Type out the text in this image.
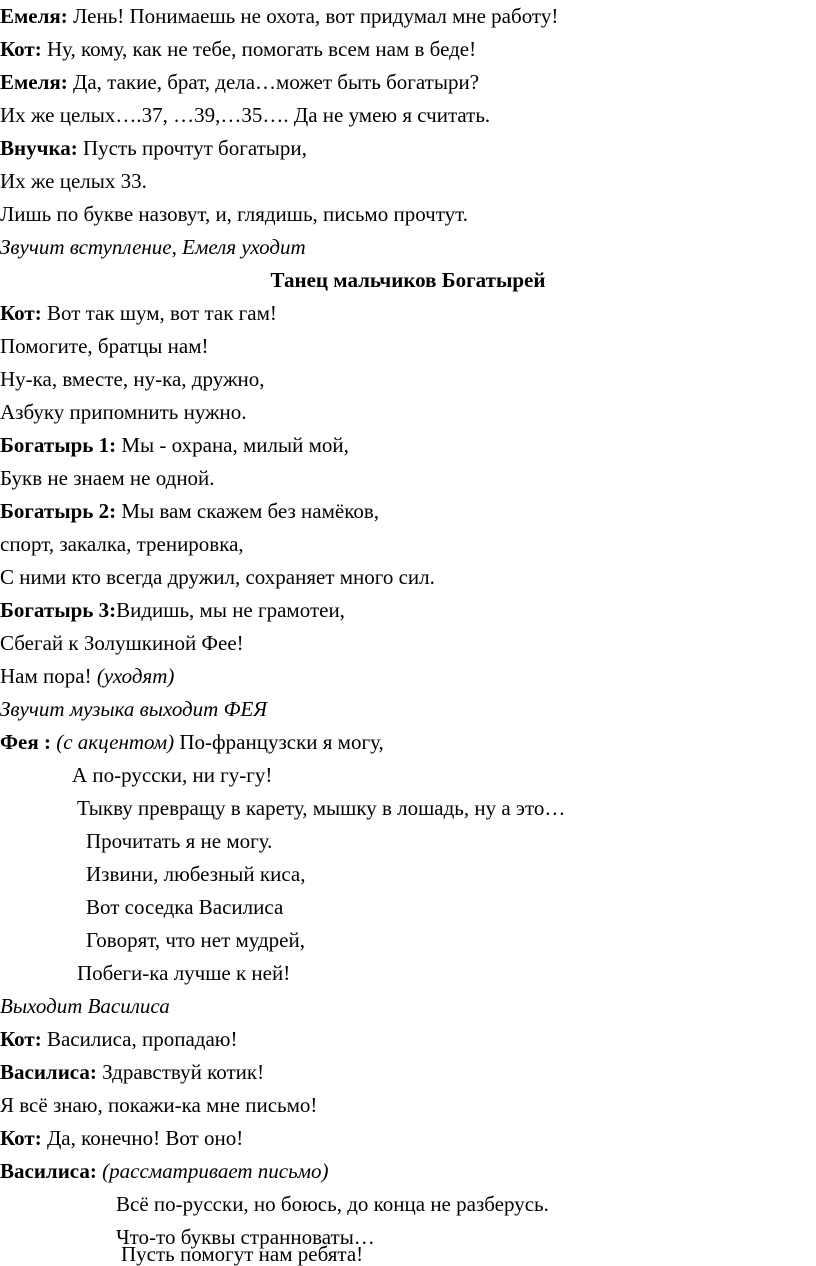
Емеля: Лень! Понимаешь не охота, вот придумал мне работу!
Кот: Ну, кому, как не тебе, помогать всем нам в беде!
Емеля: Да, такие, брат, дела…может быть богатыри?
Их же целых….37, …39,…35…. Да не умею я считать.
Внучка: Пусть прочтут богатыри,
Их же целых 33.
Лишь по букве назовут, и, глядишь, письмо прочтут.
Звучит вступление, Емеля уходит
Танец мальчиков Богатырей
Кот: Вот так шум, вот так гам!
Помогите, братцы нам!
Ну-ка, вместе, ну-ка, дружно,
Азбуку припомнить нужно.
Богатырь 1: Мы - охрана, милый мой,
Букв не знаем не одной.
Богатырь 2: Мы вам скажем без намёков,
спорт, закалка, тренировка,
С ними кто всегда дружил, сохраняет много сил.
Богатырь 3:Видишь, мы не грамотеи,
Сбегай к Золушкиной Фее!
Нам пора! (уходят)
Звучит музыка выходит ФЕЯ
Фея : (с акцентом) По-французски я могу,
А по-русски, ни гу-гу!
Тыкву превращу в карету, мышку в лошадь, ну а это…
Прочитать я не могу.
Извини, любезный киса,
Вот соседка Василиса
Говорят, что нет мудрей,
Побеги-ка лучше к ней!
Выходит Василиса
Кот: Василиса, пропадаю!
Василиса: Здравствуй котик!
Я всё знаю, покажи-ка мне письмо!
Кот: Да, конечно! Вот оно!
Василиса: (рассматривает письмо)
Всё по-русски, но боюсь, до конца не разберусь.
Что-то буквы странноваты…
Пусть помогут нам ребята!
